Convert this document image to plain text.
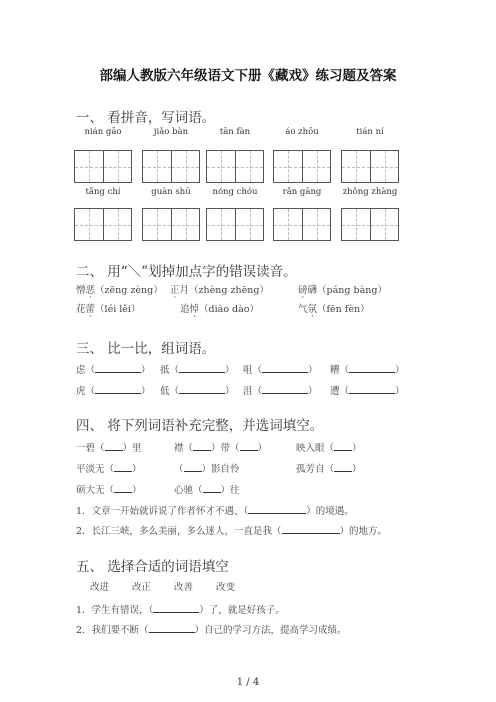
部编人教版六年级语文下册《藏戏》练习题及答案
一、 看拼音，写词语。
nián gāo	jiǎo bàn	tān fàn	áo zhōu	tián ní
tǎng chí	guàn shū	nóng chóu	rǎn gāng	zhǒng zhàng
二、 用“＼”划掉加点字的错误读音。
憎恶（zēng zèng） 正月（zhèng zhēng）	磅礴（páng bàng）
花蕾（léi lěi）	追悼（diào dào）	气氛（fēn fèn）
三、 比一比，组词语。
虑（	） 抵（	） 咀（	） 糟（	）
虎（	） 低（	） 沮（	） 遭（	）
四、 将下列词语补充完整，并选词填空。
一碧（ ）里	襟（ ）带（ ）	映入眼（ ）
平淡无（ ）	（ ）影自怜	孤芳自（ ）
硕大无（ ）	心驰（ ）往
1．文章一开始就诉说了作者怀才不遇、（	）的境遇。
2．长江三峡，多么美丽，多么迷人，一直是我（	）的地方。
五、 选择合适的词语填空
改进 改正 改善 改变
1．学生有错误，（	）了，就是好孩子。
2．我们要不断（	）自己的学习方法，提高学习成绩。
1 / 4
